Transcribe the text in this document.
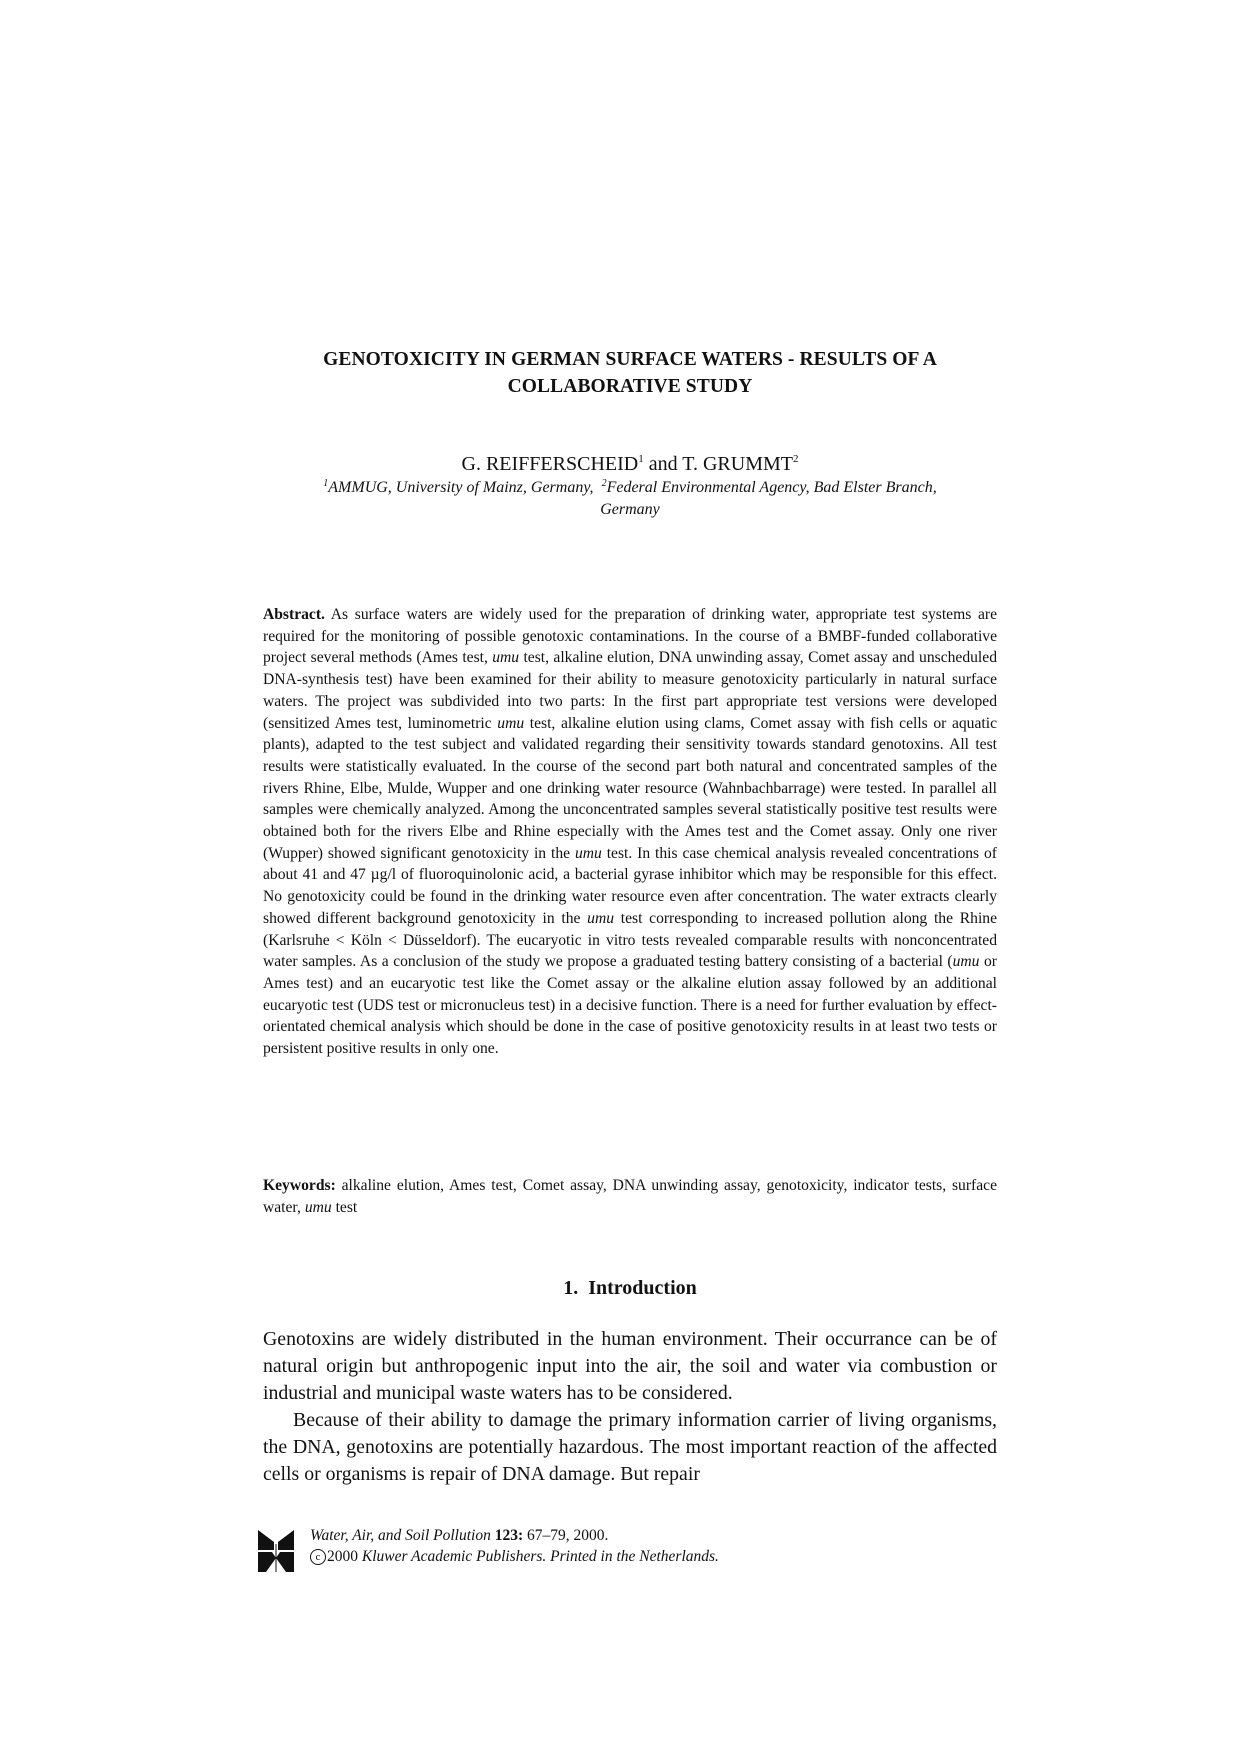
GENOTOXICITY IN GERMAN SURFACE WATERS - RESULTS OF A
COLLABORATIVE STUDY
G. REIFFERSCHEID$^1$ and T. GRUMMT$^2$
$^1$AMMUG, University of Mainz, Germany, $^2$Federal Environmental Agency, Bad Elster Branch,
Germany
Abstract. As surface waters are widely used for the preparation of drinking water, appropriate test systems are required for the monitoring of possible genotoxic contaminations. In the course of a BMBF-funded collaborative project several methods (Ames test, umu test, alkaline elution, DNA unwinding assay, Comet assay and unscheduled DNA-synthesis test) have been examined for their ability to measure genotoxicity particularly in natural surface waters. The project was subdivided into two parts: In the first part appropriate test versions were developed (sensitized Ames test, luminometric umu test, alkaline elution using clams, Comet assay with fish cells or aquatic plants), adapted to the test subject and validated regarding their sensitivity towards standard genotoxins. All test results were statistically evaluated. In the course of the second part both natural and concentrated samples of the rivers Rhine, Elbe, Mulde, Wupper and one drinking water resource (Wahnbachbarrage) were tested. In parallel all samples were chemically analyzed. Among the unconcentrated samples several statistically positive test results were obtained both for the rivers Elbe and Rhine especially with the Ames test and the Comet assay. Only one river (Wupper) showed significant genotoxicity in the umu test. In this case chemical analysis revealed concentrations of about 41 and 47 µg/l of fluoroquinolonic acid, a bacterial gyrase inhibitor which may be responsible for this effect. No genotoxicity could be found in the drinking water resource even after concentration. The water extracts clearly showed different background genotoxicity in the umu test corresponding to increased pollution along the Rhine (Karlsruhe < Köln < Düsseldorf). The eucaryotic in vitro tests revealed comparable results with nonconcentrated water samples. As a conclusion of the study we propose a graduated testing battery consisting of a bacterial (umu or Ames test) and an eucaryotic test like the Comet assay or the alkaline elution assay followed by an additional eucaryotic test (UDS test or micronucleus test) in a decisive function. There is a need for further evaluation by effect-orientated chemical analysis which should be done in the case of positive genotoxicity results in at least two tests or persistent positive results in only one.
Keywords: alkaline elution, Ames test, Comet assay, DNA unwinding assay, genotoxicity, indicator tests, surface water, umu test
1. Introduction

Genotoxins are widely distributed in the human environment. Their occurrance can be of natural origin but anthropogenic input into the air, the soil and water via combustion or industrial and municipal waste waters has to be considered.

Because of their ability to damage the primary information carrier of living organisms, the DNA, genotoxins are potentially hazardous. The most important reaction of the affected cells or organisms is repair of DNA damage. But repair

Water, Air, and Soil Pollution 123: 67–79, 2000.
c 2000 Kluwer Academic Publishers. Printed in the Netherlands.
